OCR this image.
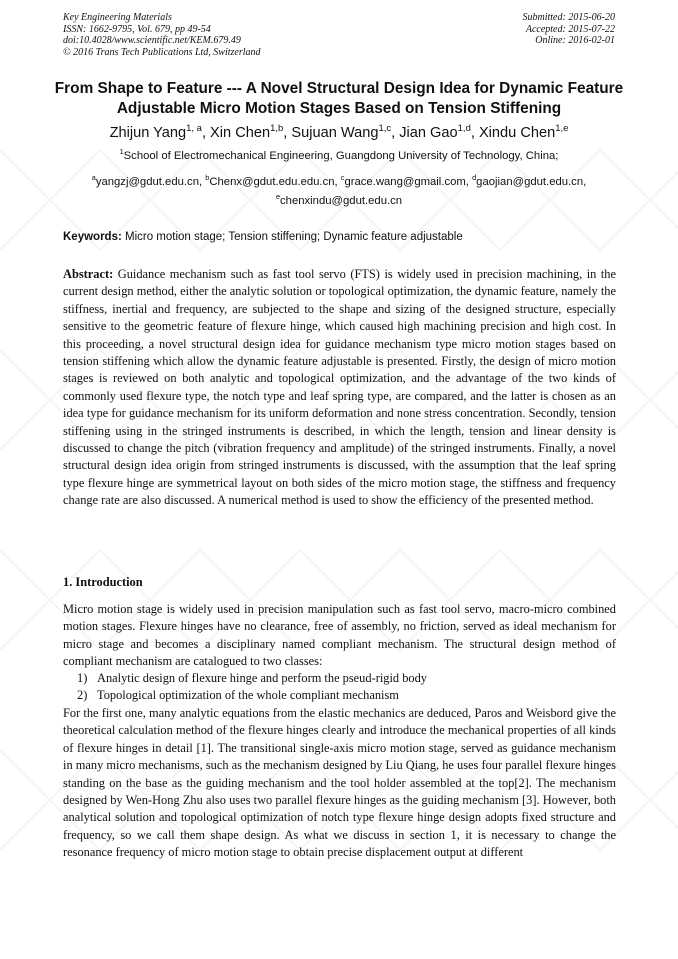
Key Engineering Materials
ISSN: 1662-9795, Vol. 679, pp 49-54
doi:10.4028/www.scientific.net/KEM.679.49
© 2016 Trans Tech Publications Ltd, Switzerland
Submitted: 2015-06-20
Accepted: 2015-07-22
Online: 2016-02-01
From Shape to Feature --- A Novel Structural Design Idea for Dynamic Feature Adjustable Micro Motion Stages Based on Tension Stiffening
Zhijun Yang$^{1, a}$, Xin Chen$^{1,b}$, Sujuan Wang$^{1,c}$, Jian Gao$^{1,d}$, Xindu Chen$^{1,e}$
$^1$School of Electromechanical Engineering, Guangdong University of Technology, China;
$^a$yangzj@gdut.edu.cn, $^b$Chenx@gdut.edu.edu.cn, $^c$grace.wang@gmail.com, $^d$gaojian@gdut.edu.cn,
$^e$chenxindu@gdut.edu.cn
Keywords: Micro motion stage; Tension stiffening; Dynamic feature adjustable

Abstract: Guidance mechanism such as fast tool servo (FTS) is widely used in precision machining, in the current design method, either the analytic solution or topological optimization, the dynamic feature, namely the stiffness, inertial and frequency, are subjected to the shape and sizing of the designed structure, especially sensitive to the geometric feature of flexure hinge, which caused high machining precision and high cost. In this proceeding, a novel structural design idea for guidance mechanism type micro motion stages based on tension stiffening which allow the dynamic feature adjustable is presented. Firstly, the design of micro motion stages is reviewed on both analytic and topological optimization, and the advantage of the two kinds of commonly used flexure type, the notch type and leaf spring type, are compared, and the latter is chosen as an idea type for guidance mechanism for its uniform deformation and none stress concentration. Secondly, tension stiffening using in the stringed instruments is described, in which the length, tension and linear density is discussed to change the pitch (vibration frequency and amplitude) of the stringed instruments. Finally, a novel structural design idea origin from stringed instruments is discussed, with the assumption that the leaf spring type flexure hinge are symmetrical layout on both sides of the micro motion stage, the stiffness and frequency change rate are also discussed. A numerical method is used to show the efficiency of the presented method.

1. Introduction

Micro motion stage is widely used in precision manipulation such as fast tool servo, macro-micro combined motion stages. Flexure hinges have no clearance, free of assembly, no friction, served as ideal mechanism for micro stage and becomes a disciplinary named compliant mechanism. The structural design method of compliant mechanism are catalogued to two classes:

1) Analytic design of flexure hinge and perform the pseud-rigid body
2) Topological optimization of the whole compliant mechanism

For the first one, many analytic equations from the elastic mechanics are deduced, Paros and Weisbord give the theoretical calculation method of the flexure hinges clearly and introduce the mechanical properties of all kinds of flexure hinges in detail [1]. The transitional single-axis micro motion stage, served as guidance mechanism in many micro mechanisms, such as the mechanism designed by Liu Qiang, he uses four parallel flexure hinges standing on the base as the guiding mechanism and the tool holder assembled at the top[2]. The mechanism designed by Wen-Hong Zhu also uses two parallel flexure hinges as the guiding mechanism [3]. However, both analytical solution and topological optimization of notch type flexure hinge design adopts fixed structure and frequency, so we call them shape design. As what we discuss in section 1, it is necessary to change the resonance frequency of micro motion stage to obtain precise displacement output at different
